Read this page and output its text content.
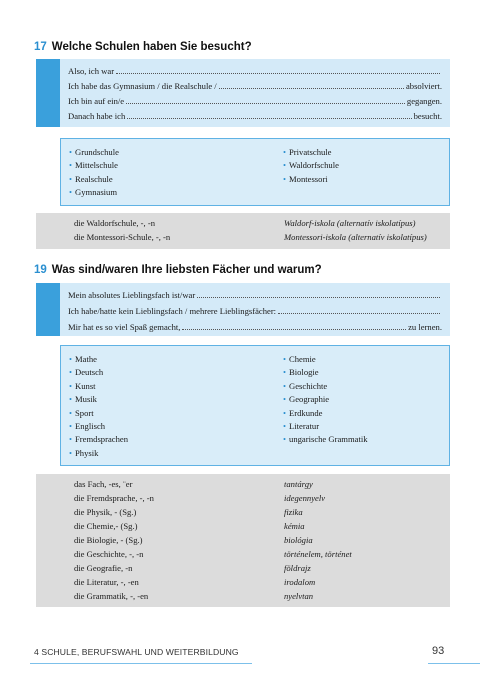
17 Welche Schulen haben Sie besucht?
Also, ich war
Ich habe das Gymnasium / die Realschule /	absolviert.
Ich bin auf ein/e	gegangen.
Danach habe ich	besucht.
• Grundschule
• Mittelschule
• Realschule
• Gymnasium
• Privatschule
• Waldorfschule
• Montessori
die Waldorfschule, -, -n	Waldorf-iskola (alternatív iskolatípus)
die Montessori-Schule, -, -n	Montessori-iskola (alternatív iskolatípus)
19 Was sind/waren Ihre liebsten Fächer und warum?
Mein absolutes Lieblingsfach ist/war
Ich habe/hatte kein Lieblingsfach / mehrere Lieblingsfächer:
Mir hat es so viel Spaß gemacht,	zu lernen.
• Mathe
• Deutsch
• Kunst
• Musik
• Sport
• Englisch
• Fremdsprachen
• Physik
• Chemie
• Biologie
• Geschichte
• Geographie
• Erdkunde
• Literatur
• ungarische Grammatik
das Fach, -es, ¨er	tantárgy
die Fremdsprache, -, -n	idegennyelv
die Physik, - (Sg.)	fizika
die Chemie,- (Sg.)	kémia
die Biologie, - (Sg.)	biológia
die Geschichte, -, -n	történelem, történet
die Geografie, -n	földrajz
die Literatur, -, -en	irodalom
die Grammatik, -, -en	nyelvtan
4 SCHULE, BERUFSWAHL UND WEITERBILDUNG	93
